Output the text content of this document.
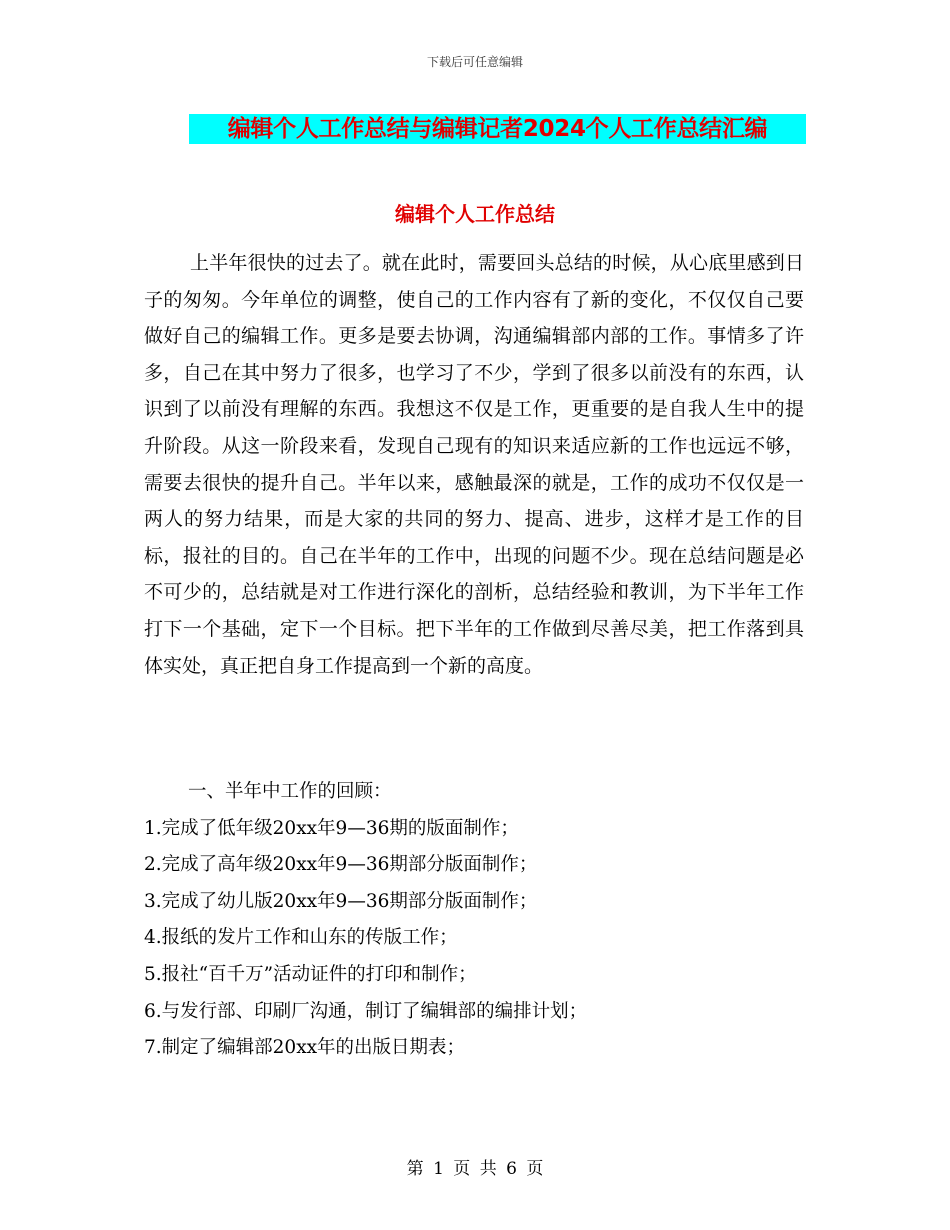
下载后可任意编辑
编辑个人工作总结与编辑记者2024个人工作总结汇编
编辑个人工作总结
上半年很快的过去了。就在此时，需要回头总结的时候，从心底里感到日子的匆匆。今年单位的调整，使自己的工作内容有了新的变化，不仅仅自己要做好自己的编辑工作。更多是要去协调，沟通编辑部内部的工作。事情多了许多，自己在其中努力了很多，也学习了不少，学到了很多以前没有的东西，认识到了以前没有理解的东西。我想这不仅是工作，更重要的是自我人生中的提升阶段。从这一阶段来看，发现自己现有的知识来适应新的工作也远远不够，需要去很快的提升自己。半年以来，感触最深的就是，工作的成功不仅仅是一两人的努力结果，而是大家的共同的努力、提高、进步，这样才是工作的目标，报社的目的。自己在半年的工作中，出现的问题不少。现在总结问题是必不可少的，总结就是对工作进行深化的剖析，总结经验和教训，为下半年工作打下一个基础，定下一个目标。把下半年的工作做到尽善尽美，把工作落到具体实处，真正把自身工作提高到一个新的高度。
一、半年中工作的回顾：
1.完成了低年级20xx年9—36期的版面制作；
2.完成了高年级20xx年9—36期部分版面制作；
3.完成了幼儿版20xx年9—36期部分版面制作；
4.报纸的发片工作和山东的传版工作；
5.报社“百千万”活动证件的打印和制作；
6.与发行部、印刷厂沟通，制订了编辑部的编排计划；
7.制定了编辑部20xx年的出版日期表；
第 1 页 共 6 页
